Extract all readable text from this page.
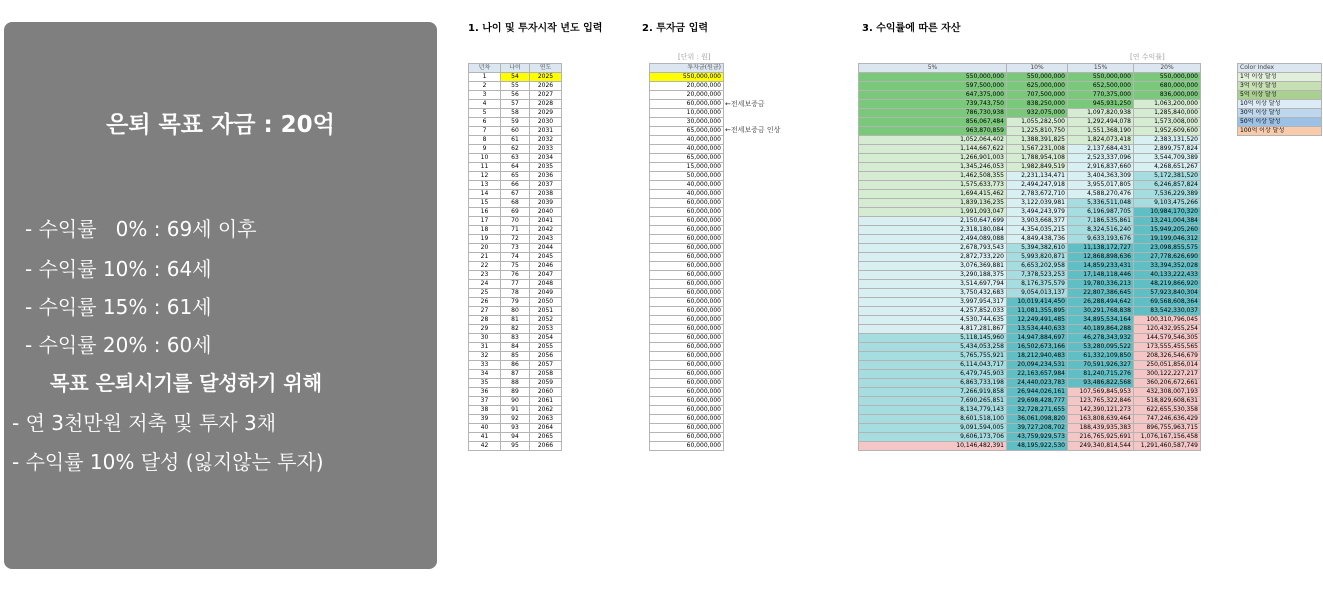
은퇴 목표 자금 : 20억
- 수익률   0% : 69세 이후
- 수익률 10% : 64세
- 수익률 15% : 61세
- 수익률 20% : 60세
목표 은퇴시기를 달성하기 위해
- 연 3천만원 저축 및 투자 3채
- 수익률 10% 달성 (잃지않는 투자)
1. 나이 및 투자시작 년도 입력	2. 투자금 입력	3. 수익률에 따른 자산
[단위 : 원]	[연 수익률]
년차	나이	연도
1	54	2025
2	55	2026
3	56	2027
4	57	2028
5	58	2029
6	59	2030
7	60	2031
8	61	2032
9	62	2033
10	63	2034
11	64	2035
12	65	2036
13	66	2037
14	67	2038
15	68	2039
16	69	2040
17	70	2041
18	71	2042
19	72	2043
20	73	2044
21	74	2045
22	75	2046
23	76	2047
24	77	2048
25	78	2049
26	79	2050
27	80	2051
28	81	2052
29	82	2053
30	83	2054
31	84	2055
32	85	2056
33	86	2057
34	87	2058
35	88	2059
36	89	2060
37	90	2061
38	91	2062
39	92	2063
40	93	2064
41	94	2065
42	95	2066
투자금(원금)
550,000,000
20,000,000
20,000,000
60,000,000
10,000,000
30,000,000
65,000,000
40,000,000
40,000,000
65,000,000
15,000,000
50,000,000
40,000,000
40,000,000
60,000,000
60,000,000
60,000,000
60,000,000
60,000,000
60,000,000
60,000,000
60,000,000
60,000,000
60,000,000
60,000,000
60,000,000
60,000,000
60,000,000
60,000,000
60,000,000
60,000,000
60,000,000
60,000,000
60,000,000
60,000,000
60,000,000
60,000,000
60,000,000
60,000,000
60,000,000
60,000,000
60,000,000
←전세보증금
←전세보증금 인상
5%	10%	15%	20%
550,000,000	550,000,000	550,000,000	550,000,000
597,500,000	625,000,000	652,500,000	680,000,000
647,375,000	707,500,000	770,375,000	836,000,000
739,743,750	838,250,000	945,931,250	1,063,200,000
786,730,938	932,075,000	1,097,820,938	1,285,840,000
856,067,484	1,055,282,500	1,292,494,078	1,573,008,000
963,870,859	1,225,810,750	1,551,368,190	1,952,609,600
1,052,064,402	1,388,391,825	1,824,073,418	2,383,131,520
1,144,667,622	1,567,231,008	2,137,684,431	2,899,757,824
1,266,901,003	1,788,954,108	2,523,337,096	3,544,709,389
1,345,246,053	1,982,849,519	2,916,837,660	4,268,651,267
1,462,508,355	2,231,134,471	3,404,363,309	5,172,381,520
1,575,633,773	2,494,247,918	3,955,017,805	6,246,857,824
1,694,415,462	2,783,672,710	4,588,270,476	7,536,229,389
1,839,136,235	3,122,039,981	5,336,511,048	9,103,475,266
1,991,093,047	3,494,243,979	6,196,987,705	10,984,170,320
2,150,647,699	3,903,668,377	7,186,535,861	13,241,004,384
2,318,180,084	4,354,035,215	8,324,516,240	15,949,205,260
2,494,089,088	4,849,438,736	9,633,193,676	19,199,046,312
2,678,793,543	5,394,382,610	11,138,172,727	23,098,855,575
2,872,733,220	5,993,820,871	12,868,898,636	27,778,626,690
3,076,369,881	6,653,202,958	14,859,233,431	33,394,352,028
3,290,188,375	7,378,523,253	17,148,118,446	40,133,222,433
3,514,697,794	8,176,375,579	19,780,336,213	48,219,866,920
3,750,432,683	9,054,013,137	22,807,386,645	57,923,840,304
3,997,954,317	10,019,414,450	26,288,494,642	69,568,608,364
4,257,852,033	11,081,355,895	30,291,768,838	83,542,330,037
4,530,744,635	12,249,491,485	34,895,534,164	100,310,796,045
4,817,281,867	13,534,440,633	40,189,864,288	120,432,955,254
5,118,145,960	14,947,884,697	46,278,343,932	144,579,546,305
5,434,053,258	16,502,673,166	53,280,095,522	173,555,455,565
5,765,755,921	18,212,940,483	61,332,109,850	208,326,546,679
6,114,043,717	20,094,234,531	70,591,926,327	250,051,856,014
6,479,745,903	22,163,657,984	81,240,715,276	300,122,227,217
6,863,733,198	24,440,023,783	93,486,822,568	360,206,672,661
7,266,919,858	26,944,026,161	107,569,845,953	432,308,007,193
7,690,265,851	29,698,428,777	123,765,322,846	518,829,608,631
8,134,779,143	32,728,271,655	142,390,121,273	622,655,530,358
8,601,518,100	36,061,098,820	163,808,639,464	747,246,636,429
9,091,594,005	39,727,208,702	188,439,935,383	896,755,963,715
9,606,173,706	43,759,929,573	216,765,925,691	1,076,167,156,458
10,146,482,391	48,195,922,530	249,340,814,544	1,291,460,587,749
Color Index
1억 이상 달성
3억 이상 달성
5억 이상 달성
10억 이상 달성
30억 이상 달성
50억 이상 달성
100억 이상 달성
